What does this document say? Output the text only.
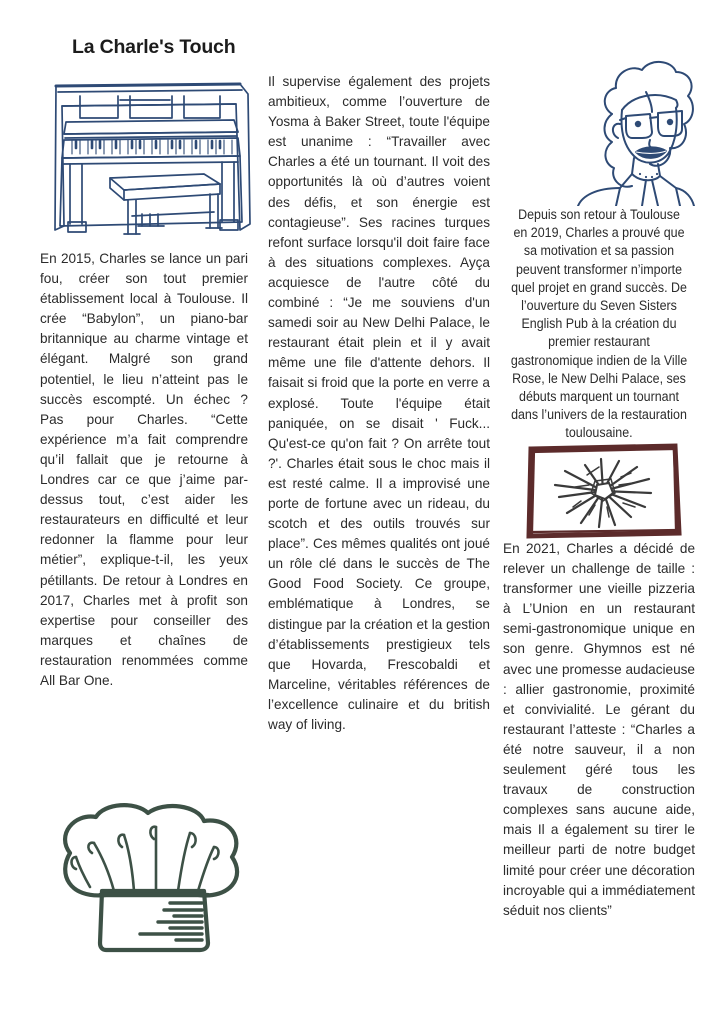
La Charle's Touch

En 2015, Charles se lance un pari fou, créer son tout premier établissement local à Toulouse. Il crée “Babylon”, un piano-bar britannique au charme vintage et élégant. Malgré son grand potentiel, le lieu n’atteint pas le succès escompté. Un échec ? Pas pour Charles. “Cette expérience m’a fait comprendre qu’il fallait que je retourne à Londres car ce que j’aime par-dessus tout, c’est aider les restaurateurs en difficulté et leur redonner la flamme pour leur métier”, explique-t-il, les yeux pétillants. De retour à Londres en 2017, Charles met à profit son expertise pour conseiller des marques et chaînes de restauration renommées comme All Bar One.

Il supervise également des projets ambitieux, comme l’ouverture de Yosma à Baker Street, toute l'équipe est unanime : “Travailler avec Charles a été un tournant. Il voit des opportunités là où d’autres voient des défis, et son énergie est contagieuse”. Ses racines turques refont surface lorsqu'il doit faire face à des situations complexes. Ayça acquiesce de l'autre côté du combiné : “Je me souviens d'un samedi soir au New Delhi Palace, le restaurant était plein et il y avait même une file d'attente dehors. Il faisait si froid que la porte en verre a explosé. Toute l'équipe était paniquée, on se disait ' Fuck... Qu'est-ce qu'on fait ? On arrête tout ?'. Charles était sous le choc mais il est resté calme. Il a improvisé une porte de fortune avec un rideau, du scotch et des outils trouvés sur place”. Ces mêmes qualités ont joué un rôle clé dans le succès de The Good Food Society. Ce groupe, emblématique à Londres, se distingue par la création et la gestion d’établissements prestigieux tels que Hovarda, Frescobaldi et Marceline, véritables références de l’excellence culinaire et du british way of living.

Depuis son retour à Toulouse en 2019, Charles a prouvé que sa motivation et sa passion peuvent transformer n’importe quel projet en grand succès. De l’ouverture du Seven Sisters English Pub à la création du premier restaurant gastronomique indien de la Ville Rose, le New Delhi Palace, ses débuts marquent un tournant dans l’univers de la restauration toulousaine.

En 2021, Charles a décidé de relever un challenge de taille : transformer une vieille pizzeria à L’Union en un restaurant semi-gastronomique unique en son genre. Ghymnos est né avec une promesse audacieuse : allier gastronomie, proximité et convivialité. Le gérant du restaurant l’atteste : “Charles a été notre sauveur, il a non seulement géré tous les travaux de construction complexes sans aucune aide, mais Il a également su tirer le meilleur parti de notre budget limité pour créer une décoration incroyable qui a immédiatement séduit nos clients”
